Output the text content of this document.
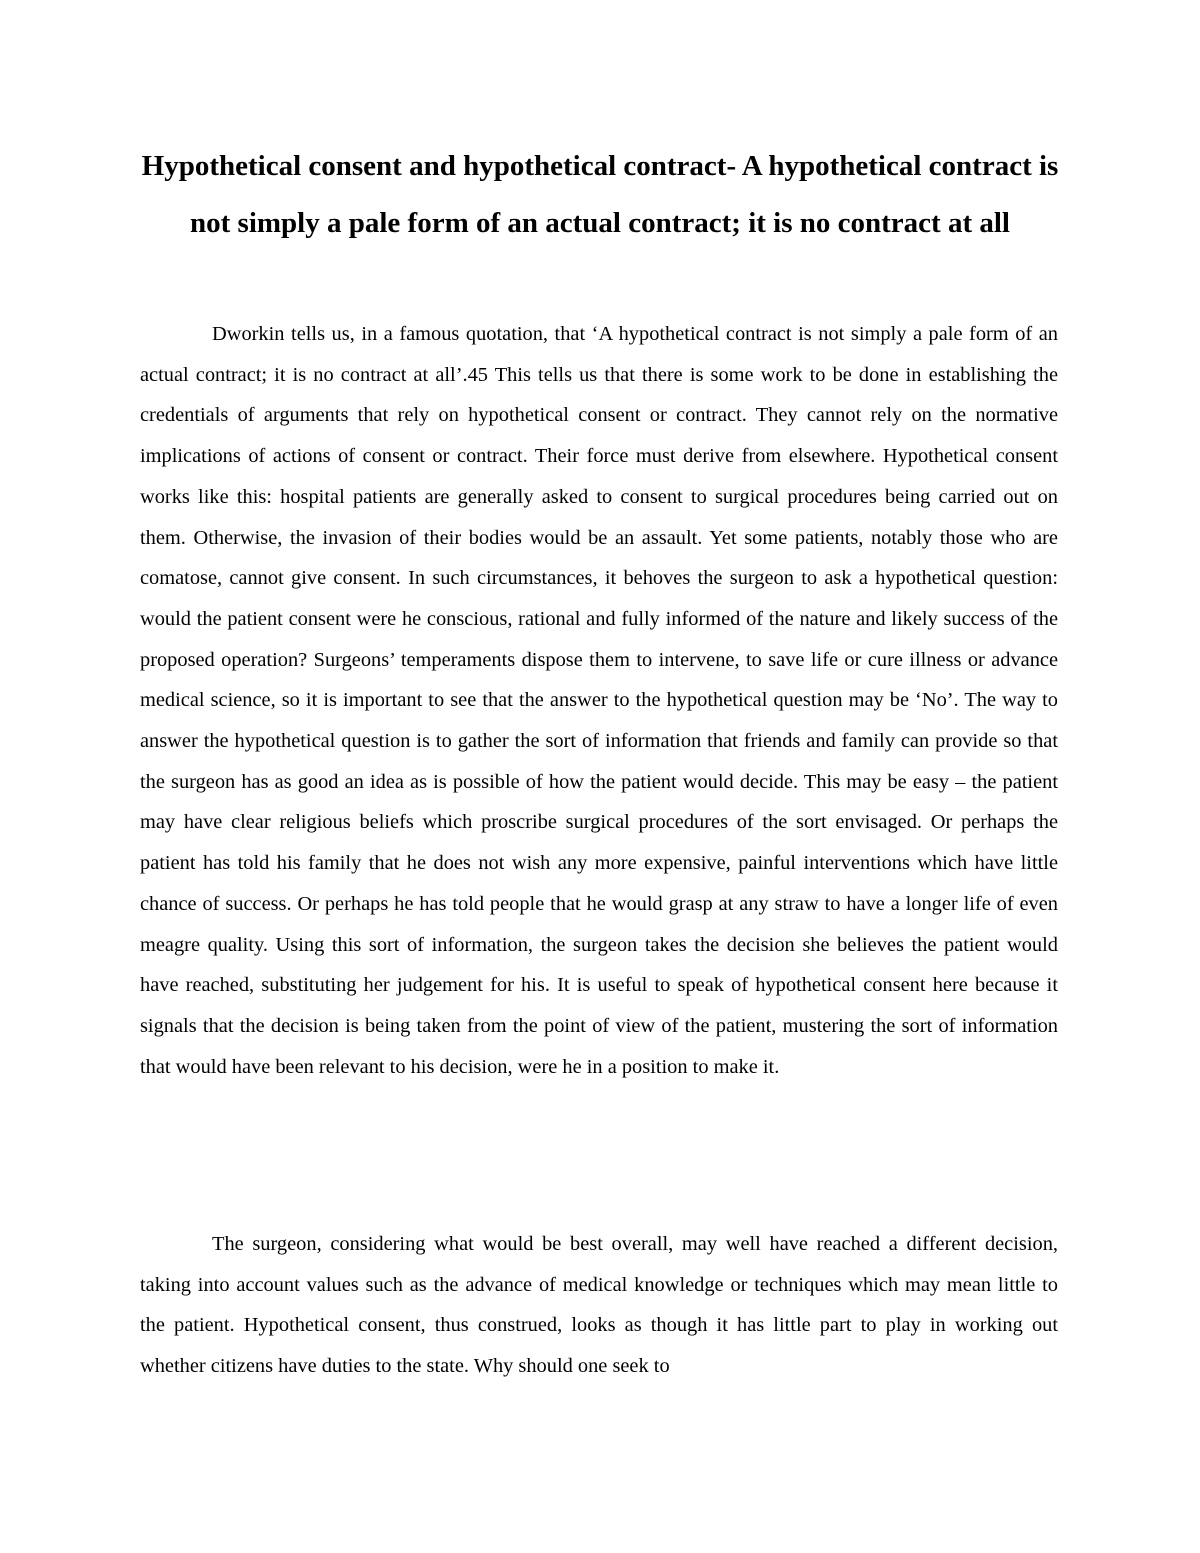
Hypothetical consent and hypothetical contract- A hypothetical contract is not simply a pale form of an actual contract; it is no contract at all

Dworkin tells us, in a famous quotation, that ‘A hypothetical contract is not simply a pale form of an actual contract; it is no contract at all’.45 This tells us that there is some work to be done in establishing the credentials of arguments that rely on hypothetical consent or contract. They cannot rely on the normative implications of actions of consent or contract. Their force must derive from elsewhere. Hypothetical consent works like this: hospital patients are generally asked to consent to surgical procedures being carried out on them. Otherwise, the invasion of their bodies would be an assault. Yet some patients, notably those who are comatose, cannot give consent. In such circumstances, it behoves the surgeon to ask a hypothetical question: would the patient consent were he conscious, rational and fully informed of the nature and likely success of the proposed operation? Surgeons’ temperaments dispose them to intervene, to save life or cure illness or advance medical science, so it is important to see that the answer to the hypothetical question may be ‘No’. The way to answer the hypothetical question is to gather the sort of information that friends and family can provide so that the surgeon has as good an idea as is possible of how the patient would decide. This may be easy – the patient may have clear religious beliefs which proscribe surgical procedures of the sort envisaged. Or perhaps the patient has told his family that he does not wish any more expensive, painful interventions which have little chance of success. Or perhaps he has told people that he would grasp at any straw to have a longer life of even meagre quality. Using this sort of information, the surgeon takes the decision she believes the patient would have reached, substituting her judgement for his. It is useful to speak of hypothetical consent here because it signals that the decision is being taken from the point of view of the patient, mustering the sort of information that would have been relevant to his decision, were he in a position to make it.

The surgeon, considering what would be best overall, may well have reached a different decision, taking into account values such as the advance of medical knowledge or techniques which may mean little to the patient. Hypothetical consent, thus construed, looks as though it has little part to play in working out whether citizens have duties to the state. Why should one seek to
